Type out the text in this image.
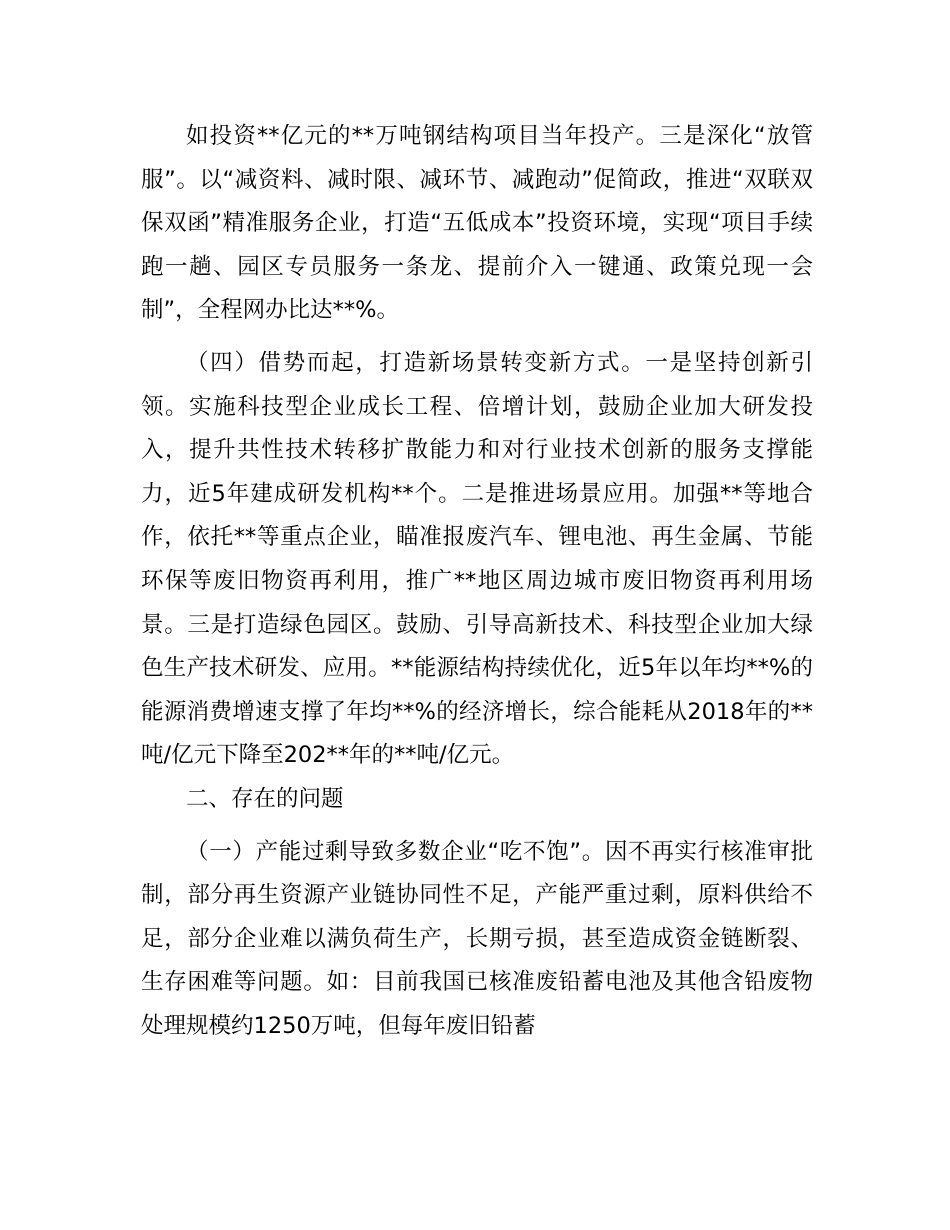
如投资**亿元的**万吨钢结构项目当年投产。三是深化“放管服”。以“减资料、减时限、减环节、减跑动”促简政，推进“双联双保双函”精准服务企业，打造“五低成本”投资环境，实现“项目手续跑一趟、园区专员服务一条龙、提前介入一键通、政策兑现一会制”，全程网办比达**%。

（四）借势而起，打造新场景转变新方式。一是坚持创新引领。实施科技型企业成长工程、倍增计划，鼓励企业加大研发投入，提升共性技术转移扩散能力和对行业技术创新的服务支撑能力，近5年建成研发机构**个。二是推进场景应用。加强**等地合作，依托**等重点企业，瞄准报废汽车、锂电池、再生金属、节能环保等废旧物资再利用，推广**地区周边城市废旧物资再利用场景。三是打造绿色园区。鼓励、引导高新技术、科技型企业加大绿色生产技术研发、应用。**能源结构持续优化，近5年以年均**%的能源消费增速支撑了年均**%的经济增长，综合能耗从2018年的**吨/亿元下降至202**年的**吨/亿元。

二、存在的问题

（一）产能过剩导致多数企业“吃不饱”。因不再实行核准审批制，部分再生资源产业链协同性不足，产能严重过剩，原料供给不足，部分企业难以满负荷生产，长期亏损，甚至造成资金链断裂、生存困难等问题。如：目前我国已核准废铅蓄电池及其他含铅废物处理规模约1250万吨，但每年废旧铅蓄
